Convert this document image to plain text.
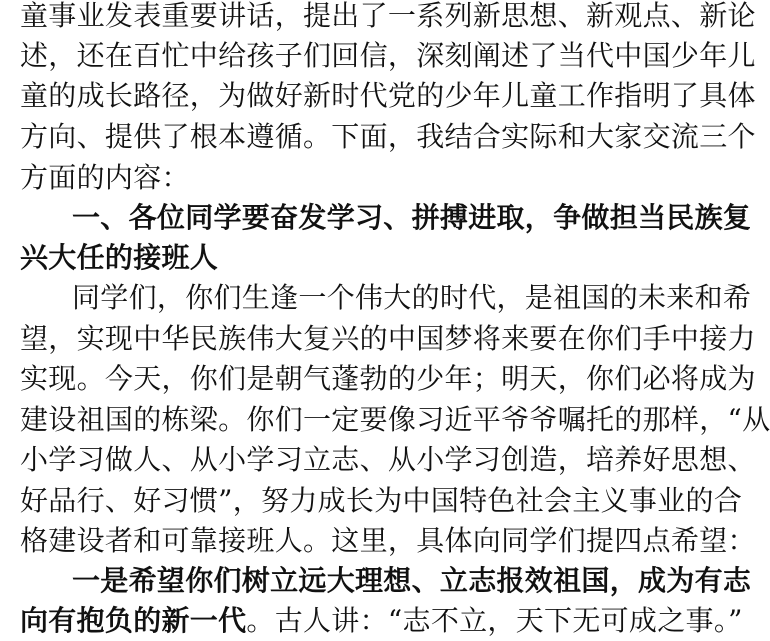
童事业发表重要讲话，提出了一系列新思想、新观点、新论
述，还在百忙中给孩子们回信，深刻阐述了当代中国少年儿
童的成长路径，为做好新时代党的少年儿童工作指明了具体
方向、提供了根本遵循。下面，我结合实际和大家交流三个
方面的内容：
一、各位同学要奋发学习、拼搏进取，争做担当民族复
兴大任的接班人
同学们，你们生逢一个伟大的时代，是祖国的未来和希
望，实现中华民族伟大复兴的中国梦将来要在你们手中接力
实现。今天，你们是朝气蓬勃的少年；明天，你们必将成为
建设祖国的栋梁。你们一定要像习近平爷爷嘱托的那样，“从
小学习做人、从小学习立志、从小学习创造，培养好思想、
好品行、好习惯”，努力成长为中国特色社会主义事业的合
格建设者和可靠接班人。这里，具体向同学们提四点希望：
一是希望你们树立远大理想、立志报效祖国，成为有志
向有抱负的新一代。古人讲：“志不立，天下无可成之事。”
